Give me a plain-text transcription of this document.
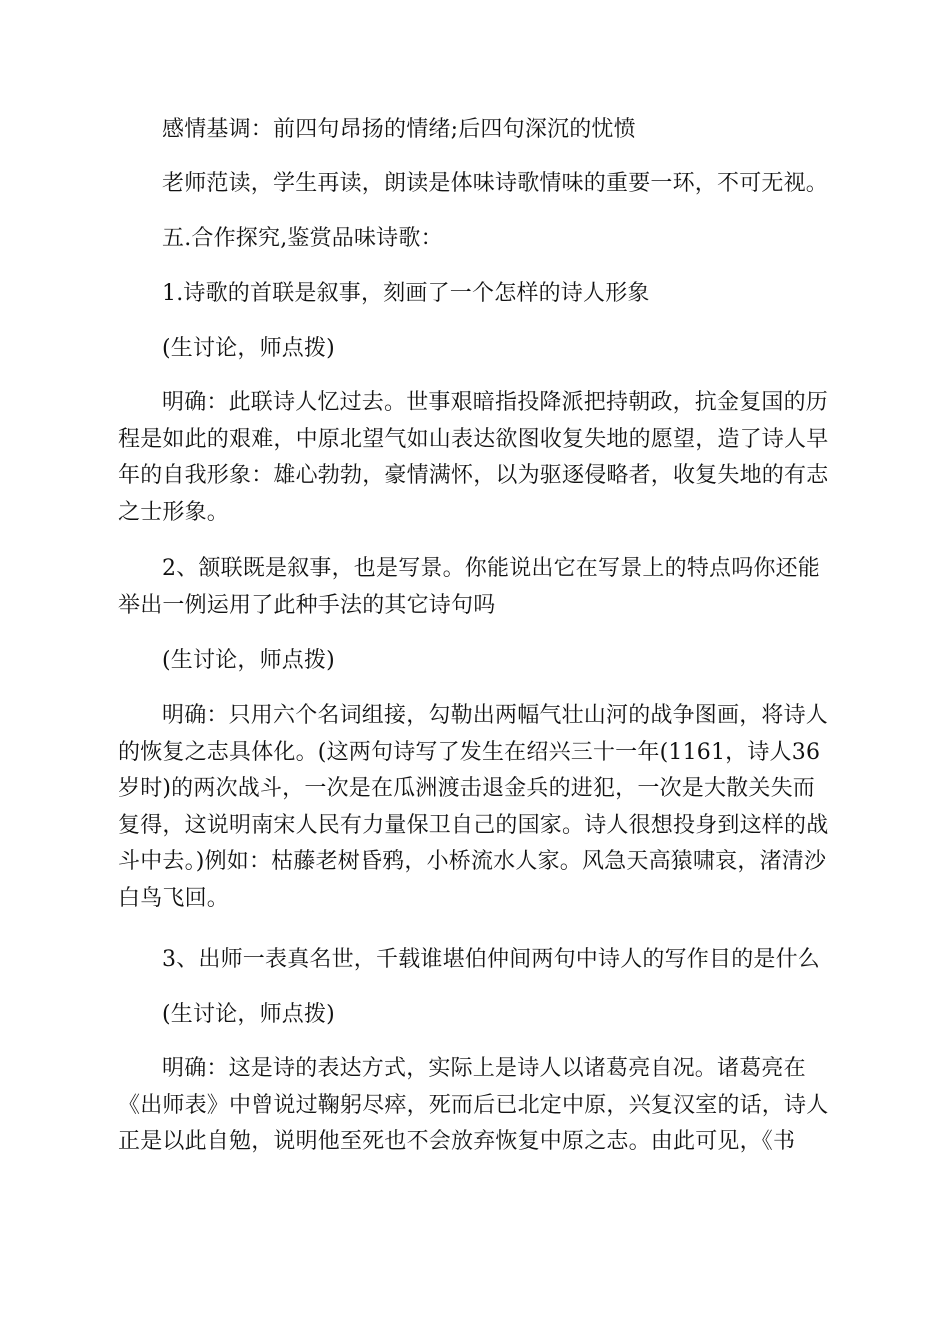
感情基调：前四句昂扬的情绪;后四句深沉的忧愤

老师范读，学生再读，朗读是体味诗歌情味的重要一环，不可无视。

五.合作探究,鉴赏品味诗歌：

1.诗歌的首联是叙事，刻画了一个怎样的诗人形象

(生讨论，师点拨)

明确：此联诗人忆过去。世事艰暗指投降派把持朝政，抗金复国的历程是如此的艰难，中原北望气如山表达欲图收复失地的愿望，造了诗人早年的自我形象：雄心勃勃，豪情满怀，以为驱逐侵略者，收复失地的有志之士形象。

2、颔联既是叙事，也是写景。你能说出它在写景上的特点吗你还能举出一例运用了此种手法的其它诗句吗

(生讨论，师点拨)

明确：只用六个名词组接，勾勒出两幅气壮山河的战争图画，将诗人的恢复之志具体化。(这两句诗写了发生在绍兴三十一年(1161，诗人36岁时)的两次战斗，一次是在瓜洲渡击退金兵的进犯，一次是大散关失而复得，这说明南宋人民有力量保卫自己的国家。诗人很想投身到这样的战斗中去。)例如：枯藤老树昏鸦，小桥流水人家。风急天高猿啸哀，渚清沙白鸟飞回。

3、出师一表真名世，千载谁堪伯仲间两句中诗人的写作目的是什么

(生讨论，师点拨)

明确：这是诗的表达方式，实际上是诗人以诸葛亮自况。诸葛亮在《出师表》中曾说过鞠躬尽瘁，死而后已北定中原，兴复汉室的话，诗人正是以此自勉，说明他至死也不会放弃恢复中原之志。由此可见，《书
